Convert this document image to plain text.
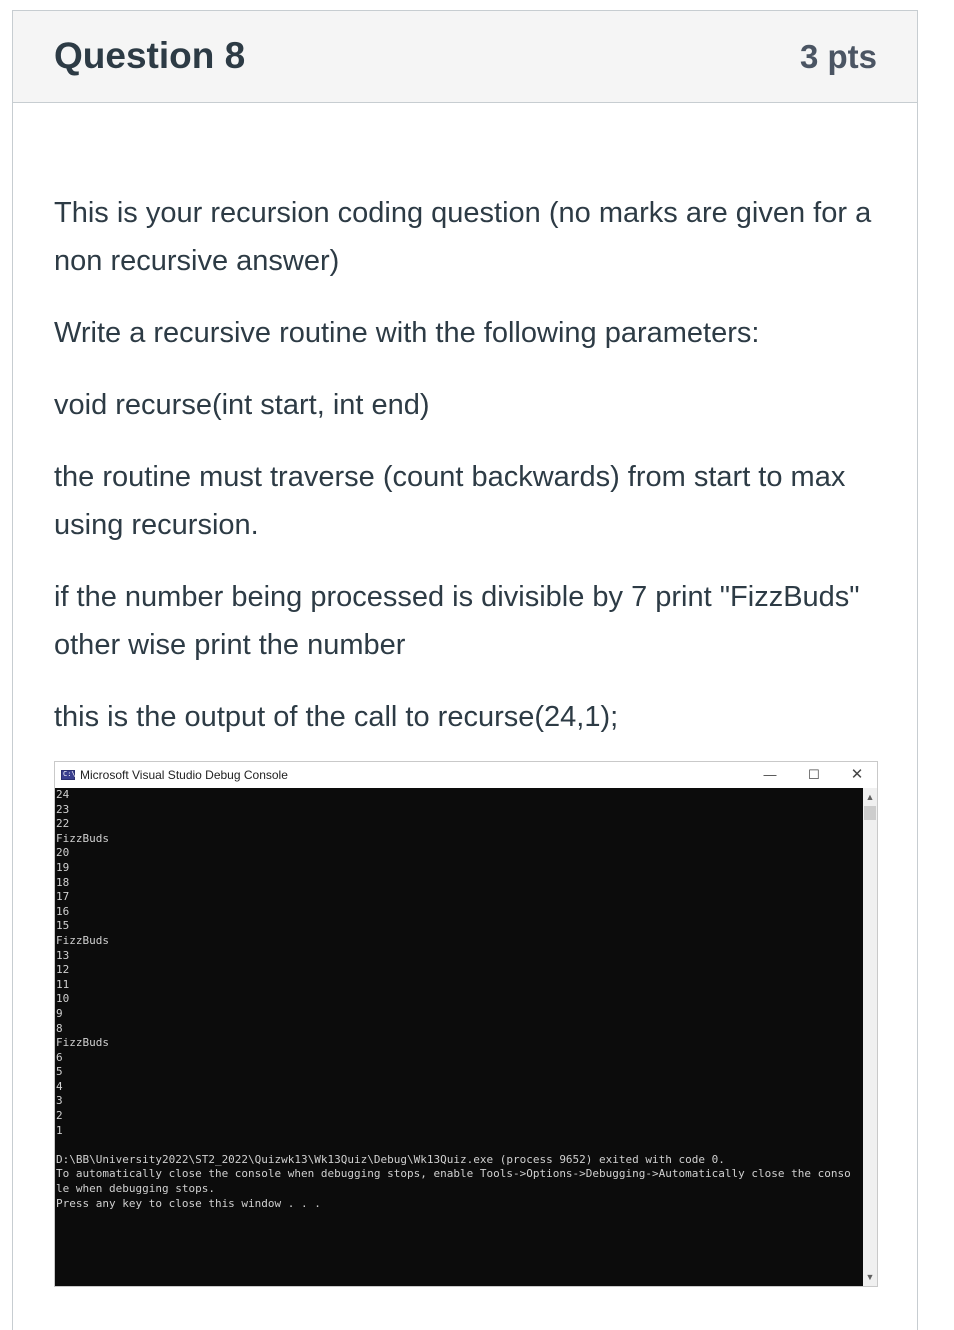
Question 8	3 pts

This is your recursion coding question (no marks are given for a non recursive answer)

Write a recursive routine with the following parameters:

void recurse(int start, int end)

the routine must traverse (count backwards) from start to max using recursion.

if the number being processed is divisible by 7 print "FizzBuds" other wise print the number

this is the output of the call to recurse(24,1);

C:\ Microsoft Visual Studio Debug Console	—	☐	✕
24
23
22
FizzBuds
20
19
18
17
16
15
FizzBuds
13
12
11
10
9
8
FizzBuds
6
5
4
3
2
1
D:\BB\University2022\ST2_2022\Quizwk13\Wk13Quiz\Debug\Wk13Quiz.exe (process 9652) exited with code 0.
To automatically close the console when debugging stops, enable Tools->Options->Debugging->Automatically close the conso
le when debugging stops.
Press any key to close this window . . .
▲
▼
